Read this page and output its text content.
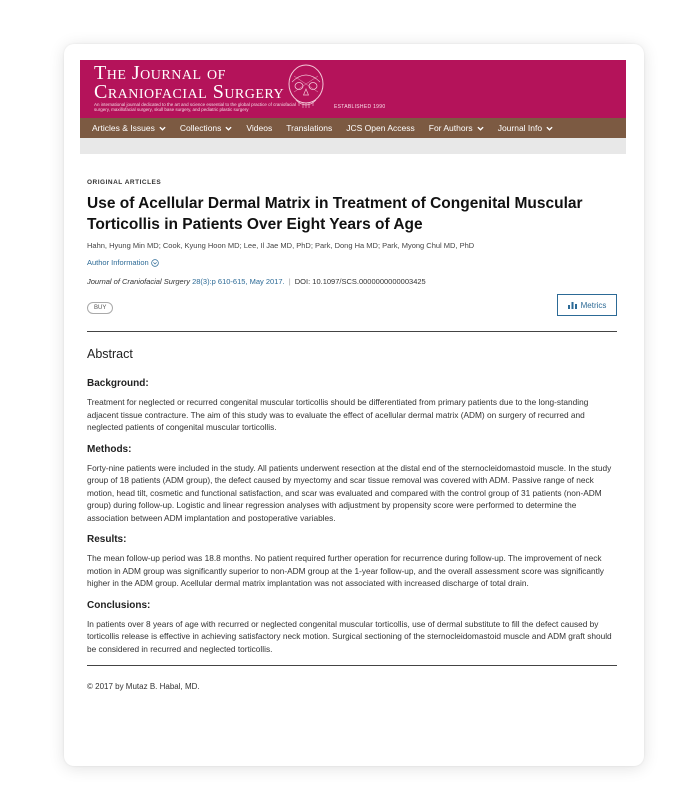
The Journal of
Craniofacial Surgery
An international journal dedicated to the art and science essential to the global practice of craniofacial surgery, maxillofacial surgery, skull base surgery, and pediatric plastic surgery	ESTABLISHED 1990
Articles & Issues	Collections	Videos Translations JCS Open Access For Authors	Journal Info
ORIGINAL ARTICLES
Use of Acellular Dermal Matrix in Treatment of Congenital Muscular Torticollis in Patients Over Eight Years of Age
Hahn, Hyung Min MD; Cook, Kyung Hoon MD; Lee, Il Jae MD, PhD; Park, Dong Ha MD; Park, Myong Chul MD, PhD
Author Information
Journal of Craniofacial Surgery 28(3):p 610-615, May 2017. | DOI: 10.1097/SCS.0000000000003425
BUY	Metrics
Abstract
Background:
Treatment for neglected or recurred congenital muscular torticollis should be differentiated from primary patients due to the long-standing adjacent tissue contracture. The aim of this study was to evaluate the effect of acellular dermal matrix (ADM) on surgery of recurred and neglected patients of congenital muscular torticollis.
Methods:
Forty-nine patients were included in the study. All patients underwent resection at the distal end of the sternocleidomastoid muscle. In the study group of 18 patients (ADM group), the defect caused by myectomy and scar tissue removal was covered with ADM. Passive range of neck motion, head tilt, cosmetic and functional satisfaction, and scar was evaluated and compared with the control group of 31 patients (non-ADM group) during follow-up. Logistic and linear regression analyses with adjustment by propensity score were performed to determine the association between ADM implantation and postoperative variables.
Results:
The mean follow-up period was 18.8 months. No patient required further operation for recurrence during follow-up. The improvement of neck motion in ADM group was significantly superior to non-ADM group at the 1-year follow-up, and the overall assessment score was significantly higher in the ADM group. Acellular dermal matrix implantation was not associated with increased discharge of total drain.
Conclusions:
In patients over 8 years of age with recurred or neglected congenital muscular torticollis, use of dermal substitute to fill the defect caused by torticollis release is effective in achieving satisfactory neck motion. Surgical sectioning of the sternocleidomastoid muscle and ADM graft should be considered in recurred and neglected torticollis.
© 2017 by Mutaz B. Habal, MD.
